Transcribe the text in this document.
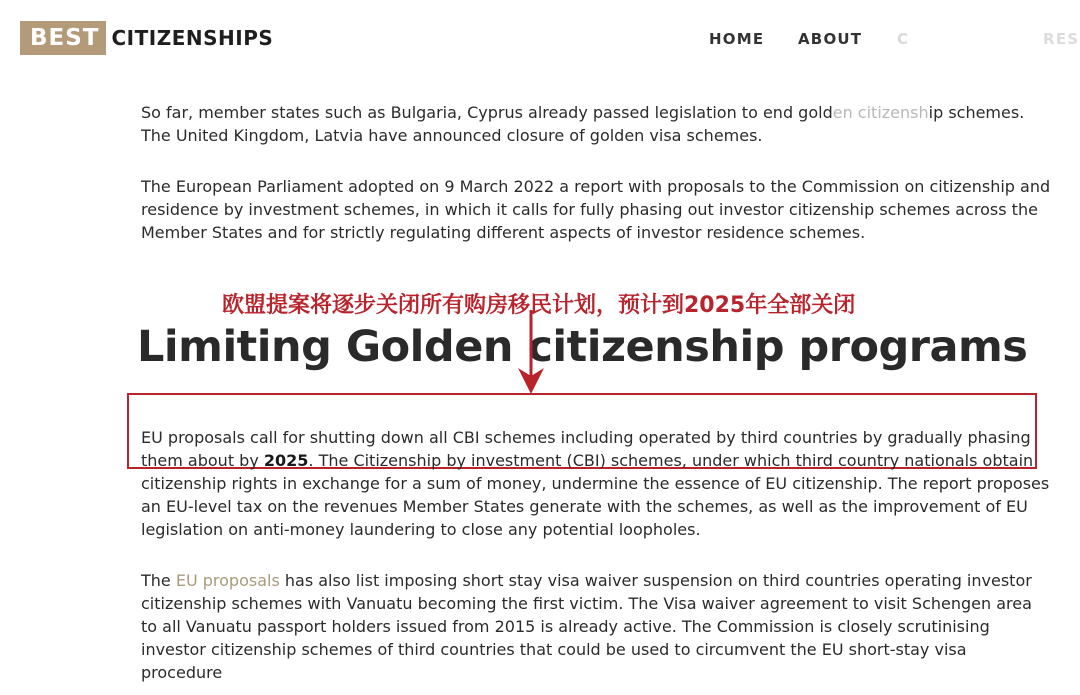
BEST CITIZENSHIPS	HOME ABOUT C	RES

So far, member states such as Bulgaria, Cyprus already passed legislation to end golden citizenship schemes. The United Kingdom, Latvia have announced closure of golden visa schemes.

The European Parliament adopted on 9 March 2022 a report with proposals to the Commission on citizenship and residence by investment schemes, in which it calls for fully phasing out investor citizenship schemes across the Member States and for strictly regulating different aspects of investor residence schemes.

欧盟提案将逐步关闭所有购房移民计划，预计到2025年全部关闭
Limiting Golden citizenship programs

EU proposals call for shutting down all CBI schemes including operated by third countries by gradually phasing them about by 2025. The Citizenship by investment (CBI) schemes, under which third country nationals obtain citizenship rights in exchange for a sum of money, undermine the essence of EU citizenship. The report proposes an EU-level tax on the revenues Member States generate with the schemes, as well as the improvement of EU legislation on anti-money laundering to close any potential loopholes.

The EU proposals has also list imposing short stay visa waiver suspension on third countries operating investor citizenship schemes with Vanuatu becoming the first victim. The Visa waiver agreement to visit Schengen area to all Vanuatu passport holders issued from 2015 is already active. The Commission is closely scrutinising investor citizenship schemes of third countries that could be used to circumvent the EU short-stay visa procedure
